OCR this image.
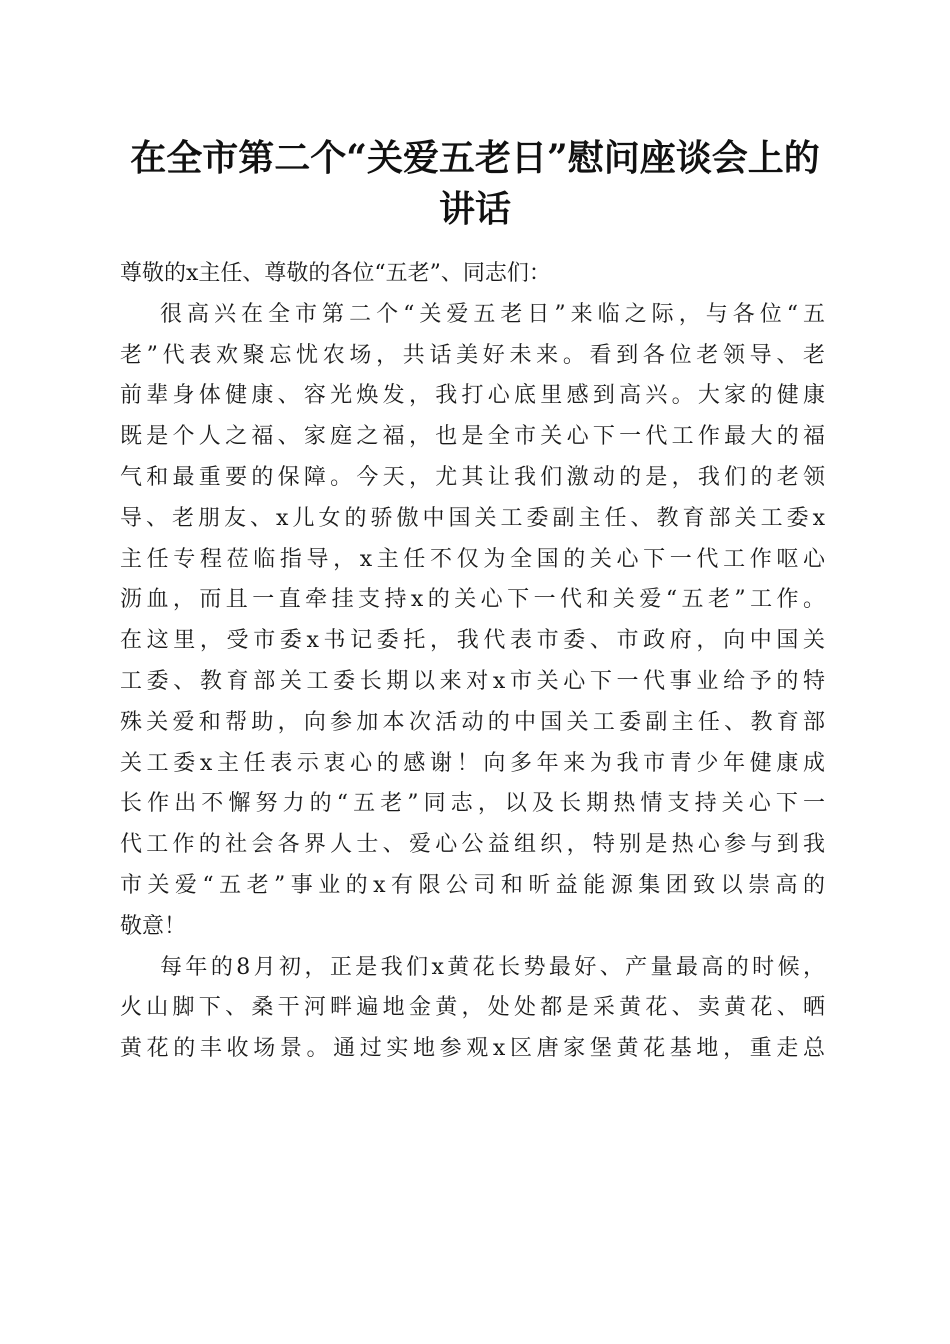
在全市第二个“关爱五老日”慰问座谈会上的
讲话
尊敬的x主任、尊敬的各位“五老”、同志们：
很高兴在全市第二个“关爱五老日”来临之际，与各位“五
老”代表欢聚忘忧农场，共话美好未来。看到各位老领导、老
前辈身体健康、容光焕发，我打心底里感到高兴。大家的健康
既是个人之福、家庭之福，也是全市关心下一代工作最大的福
气和最重要的保障。今天，尤其让我们激动的是，我们的老领
导、老朋友、x儿女的骄傲中国关工委副主任、教育部关工委x
主任专程莅临指导，x主任不仅为全国的关心下一代工作呕心
沥血，而且一直牵挂支持x的关心下一代和关爱“五老”工作。
在这里，受市委x书记委托，我代表市委、市政府，向中国关
工委、教育部关工委长期以来对x市关心下一代事业给予的特
殊关爱和帮助，向参加本次活动的中国关工委副主任、教育部
关工委x主任表示衷心的感谢！向多年来为我市青少年健康成
长作出不懈努力的“五老”同志，以及长期热情支持关心下一
代工作的社会各界人士、爱心公益组织，特别是热心参与到我
市关爱“五老”事业的x有限公司和昕益能源集团致以崇高的
敬意！
每年的8月初，正是我们x黄花长势最好、产量最高的时候，
火山脚下、桑干河畔遍地金黄，处处都是采黄花、卖黄花、晒
黄花的丰收场景。通过实地参观x区唐家堡黄花基地，重走总
